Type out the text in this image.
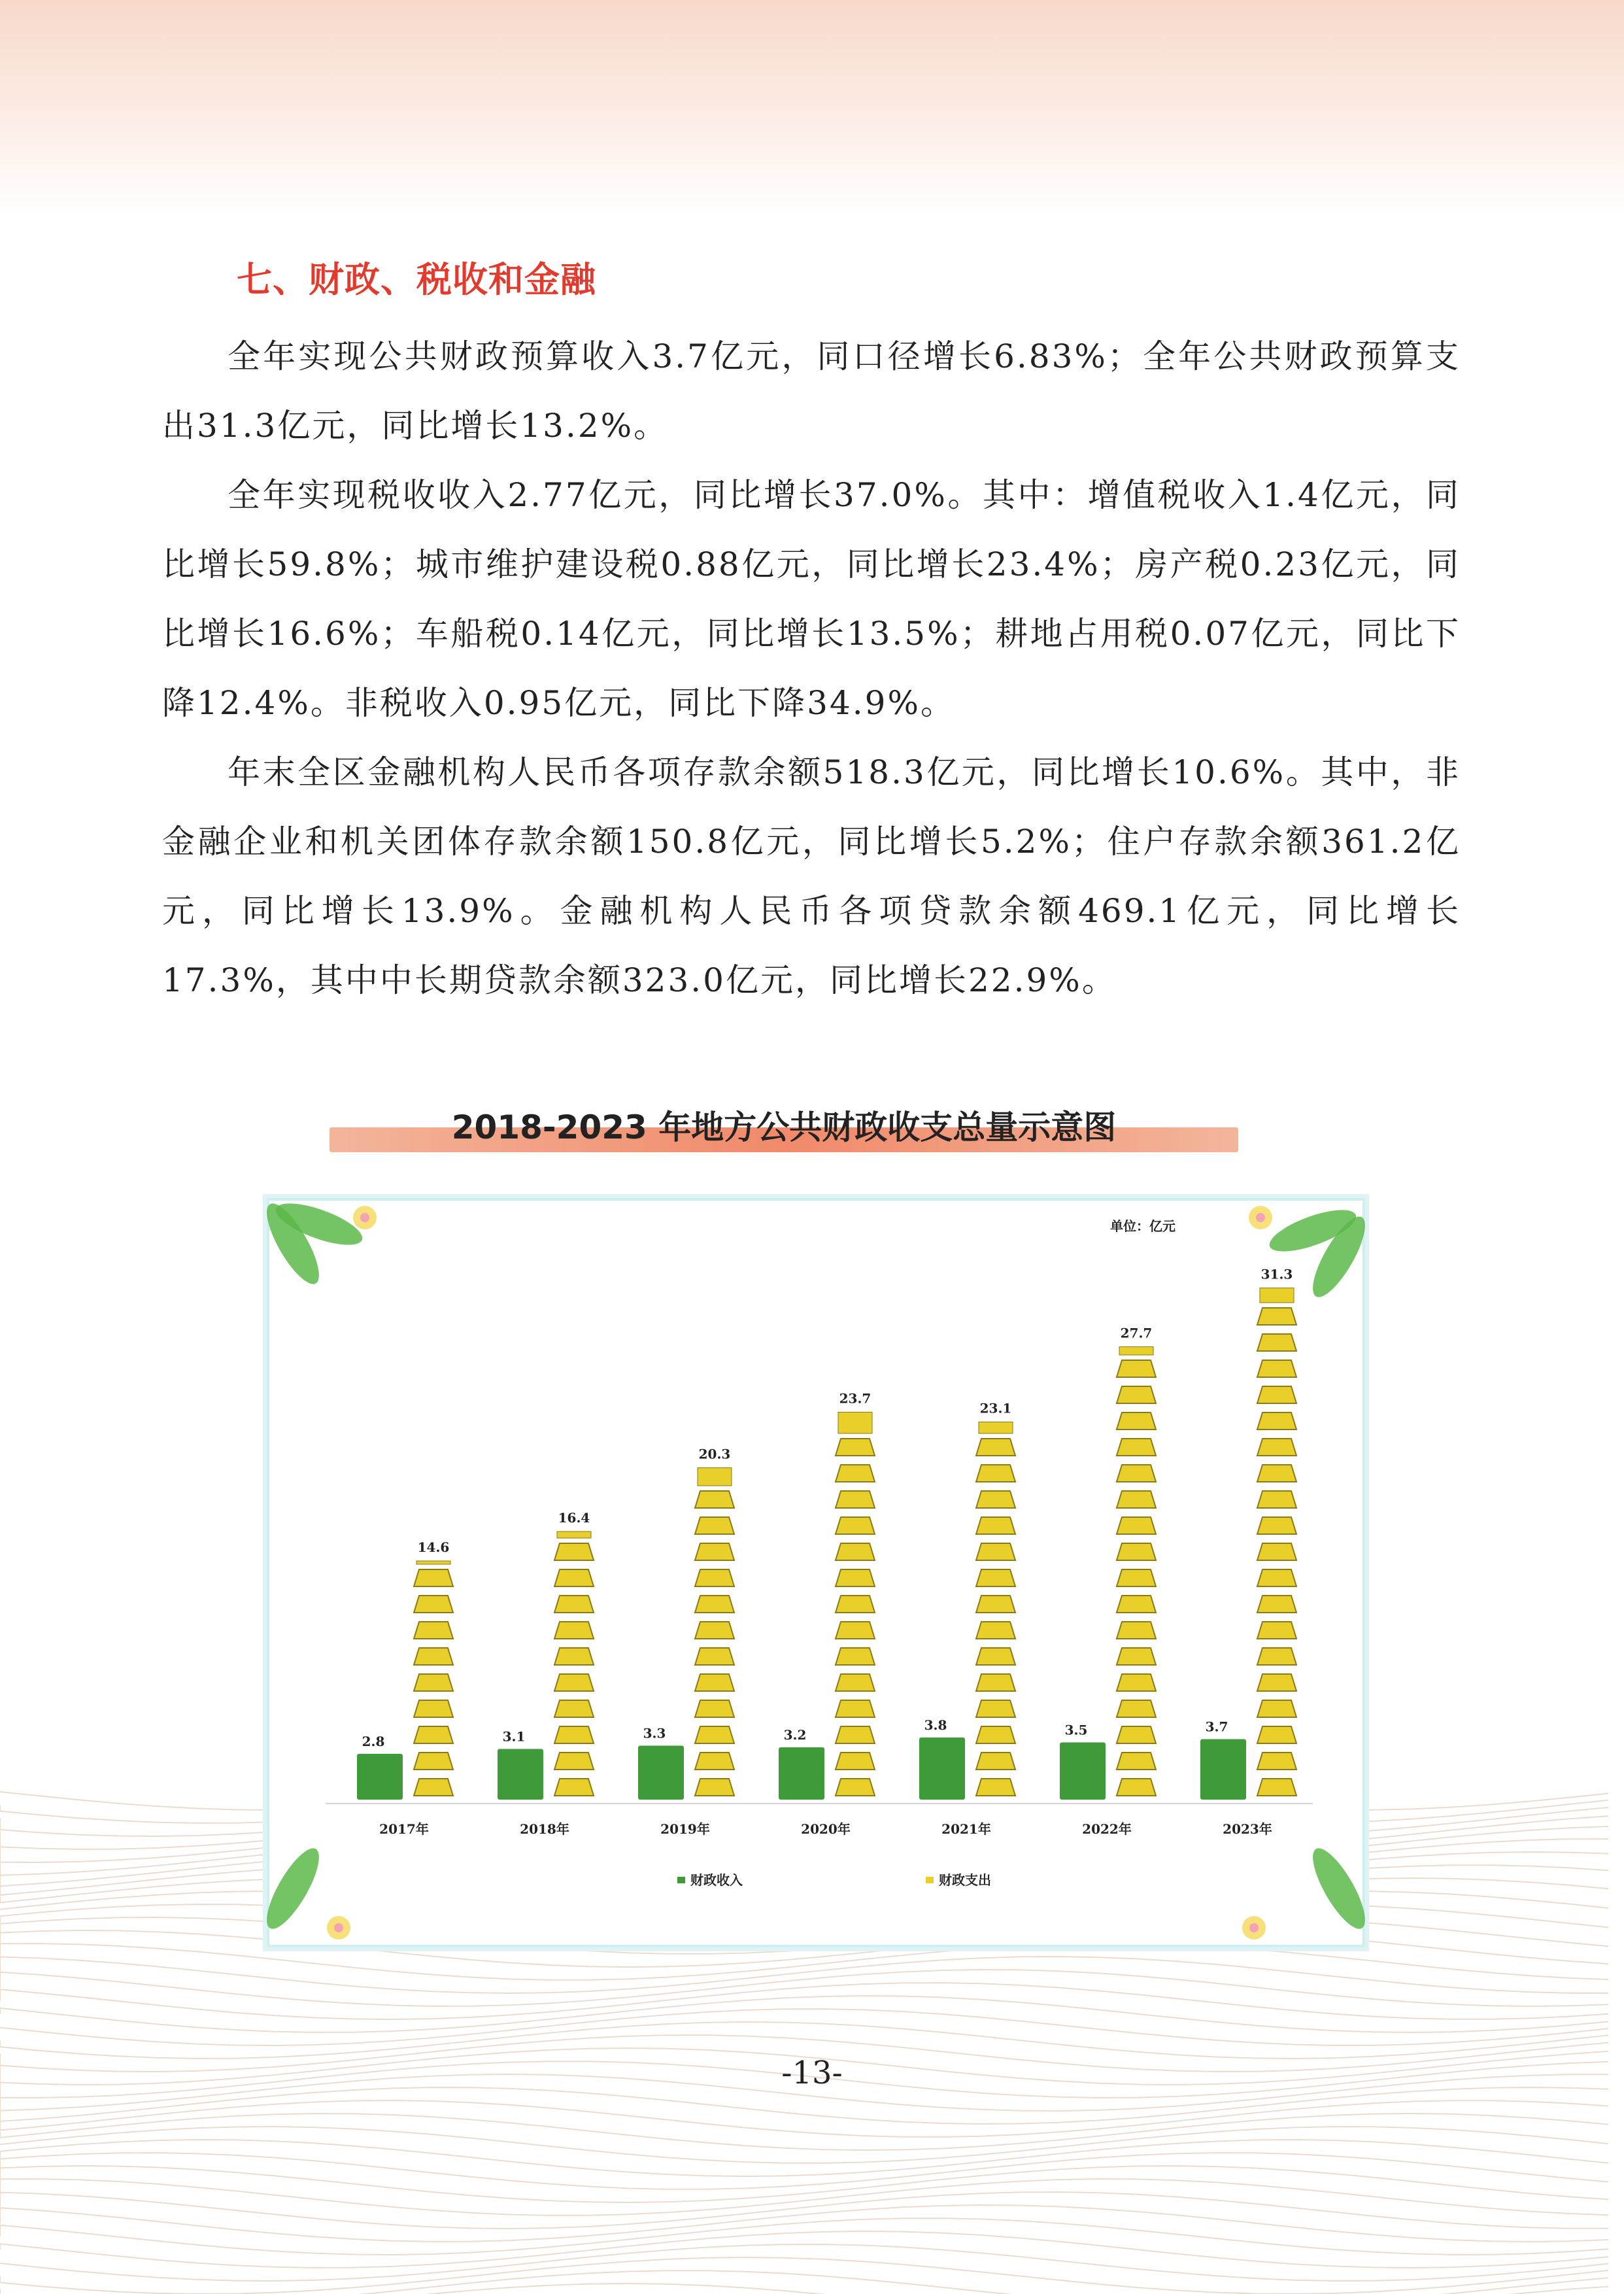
七、财政、税收和金融

全年实现公共财政预算收入3.7亿元，同口径增长6.83%；全年公共财政预算支出31.3亿元，同比增长13.2%。

全年实现税收收入2.77亿元，同比增长37.0%。其中：增值税收入1.4亿元，同比增长59.8%；城市维护建设税0.88亿元，同比增长23.4%；房产税0.23亿元，同比增长16.6%；车船税0.14亿元，同比增长13.5%；耕地占用税0.07亿元，同比下降12.4%。非税收入0.95亿元，同比下降34.9%。

年末全区金融机构人民币各项存款余额518.3亿元，同比增长10.6%。其中，非金融企业和机关团体存款余额150.8亿元，同比增长5.2%；住户存款余额361.2亿元，同比增长13.9%。金融机构人民币各项贷款余额469.1亿元，同比增长17.3%，其中中长期贷款余额323.0亿元，同比增长22.9%。

2018-2023 年地方公共财政收支总量示意图
单位：亿元
2.8
14.6
2017年
3.1
16.4
2018年
3.3
20.3
2019年
3.2
23.7
2020年
3.8
23.1
2021年
3.5
27.7
2022年
3.7
31.3
2023年
财政收入	财政支出
-13-
